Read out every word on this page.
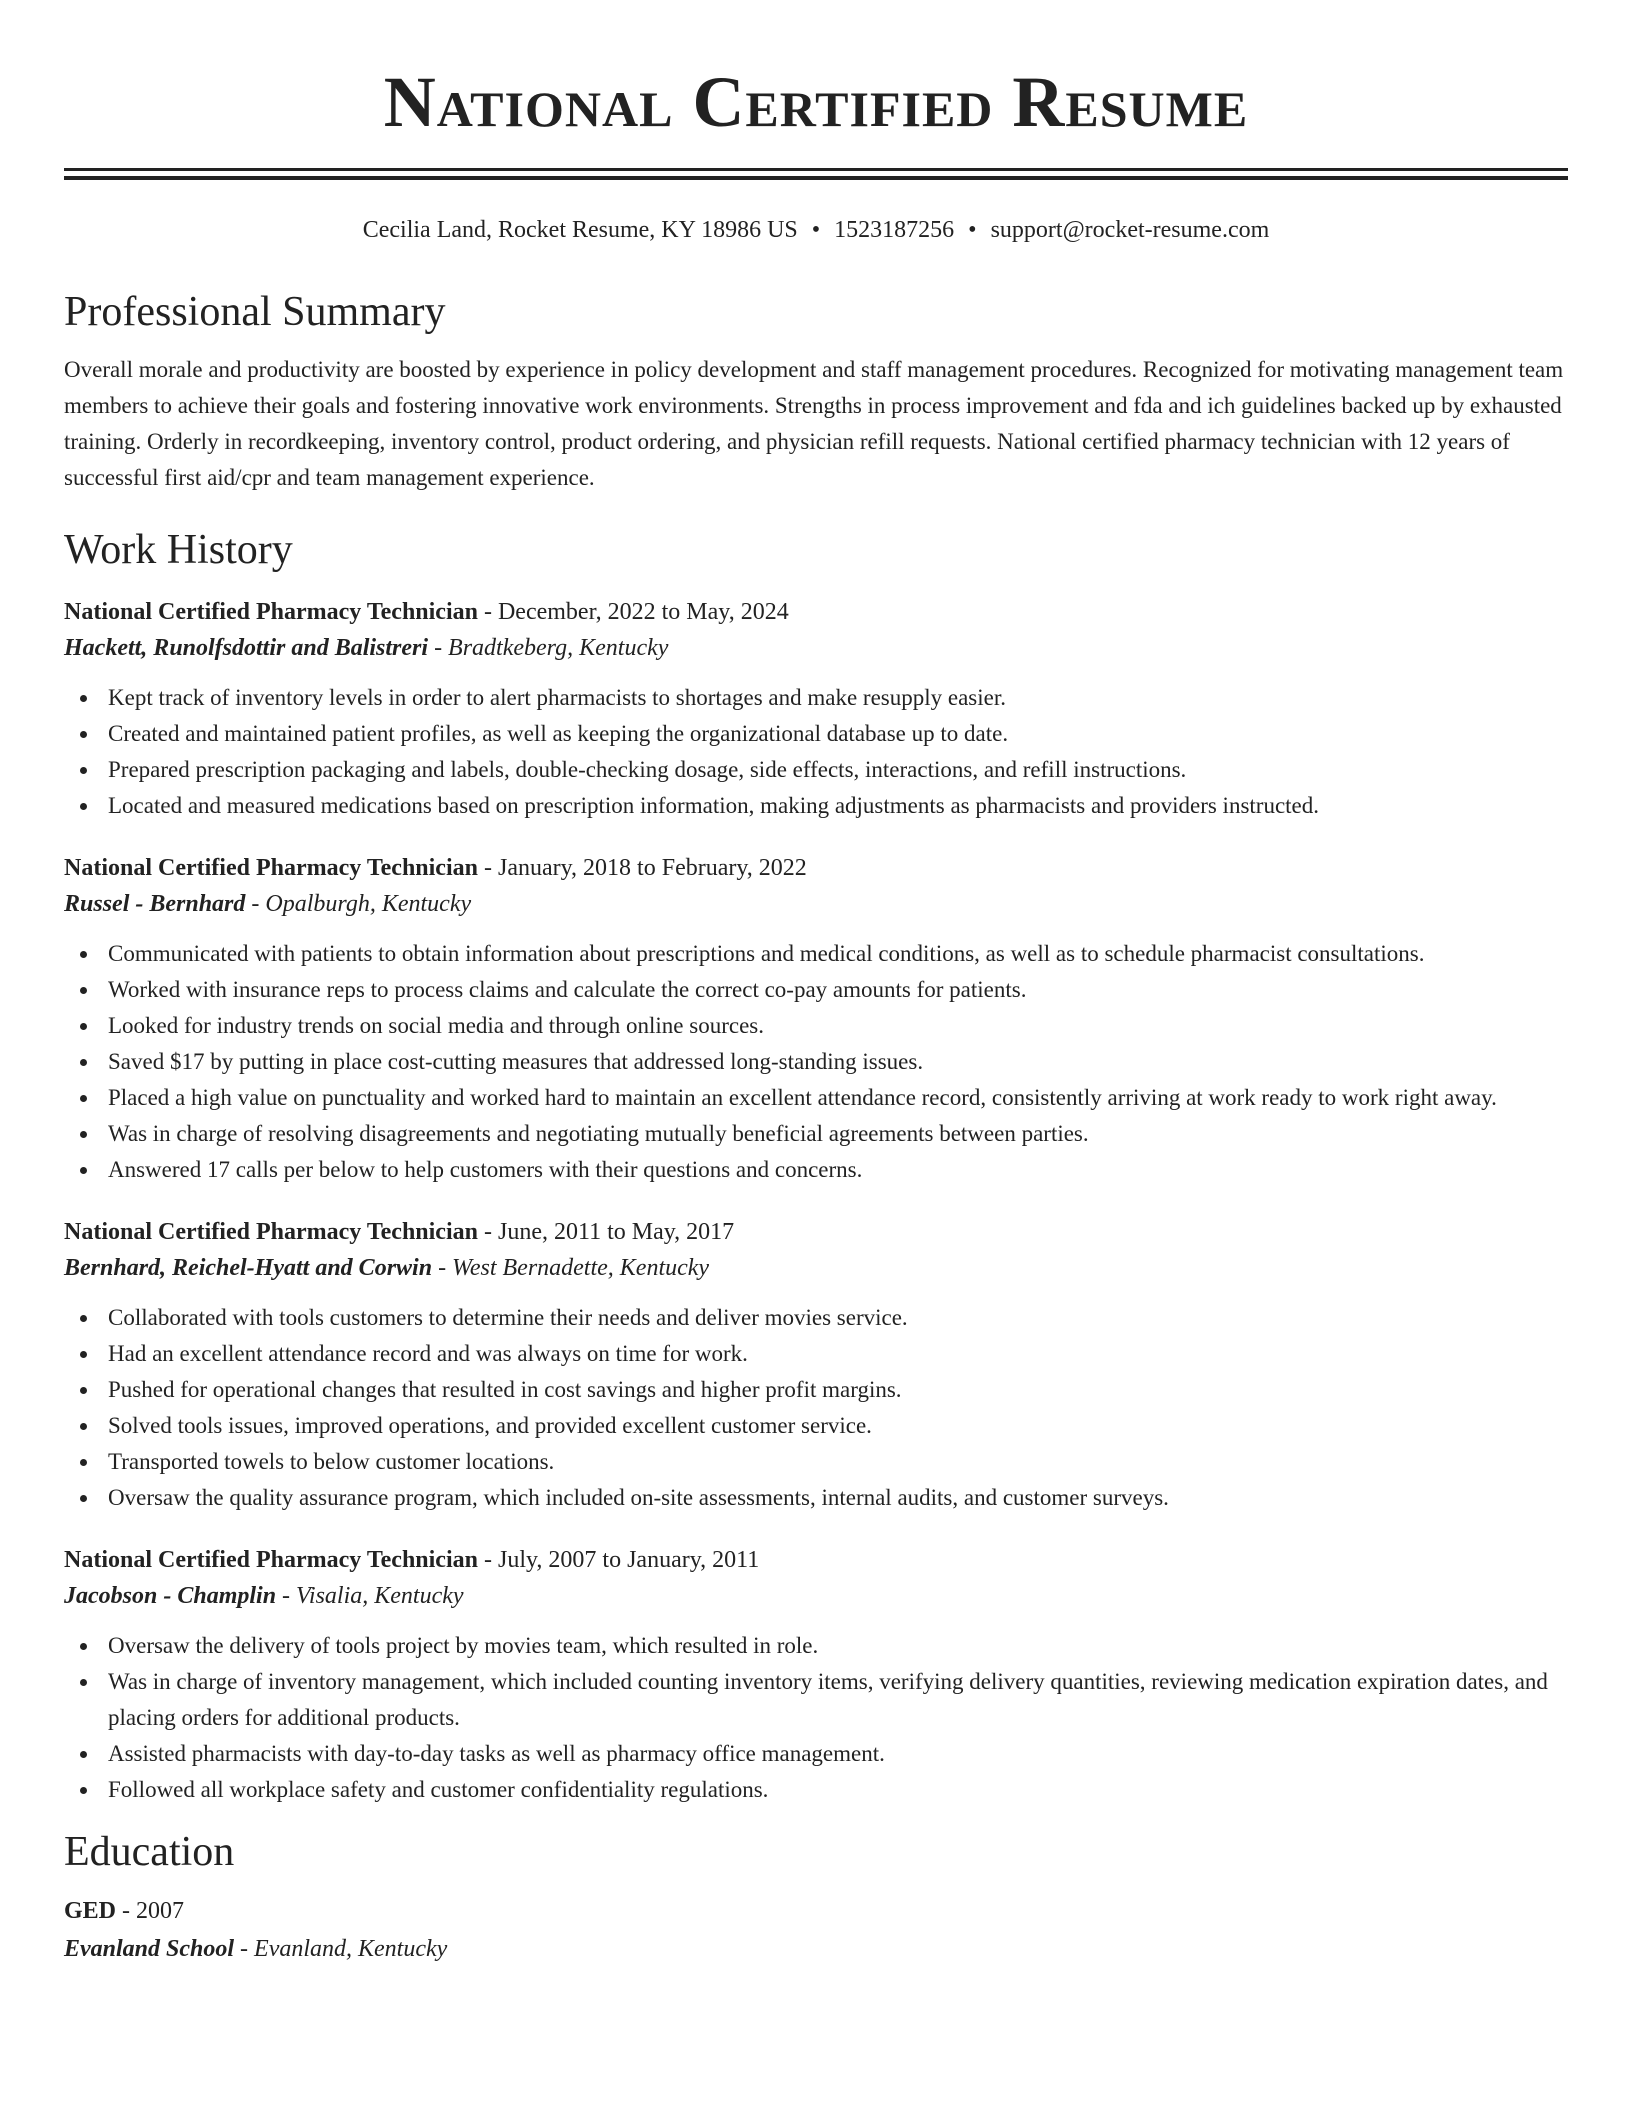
National Certified Resume
Cecilia Land, Rocket Resume, KY 18986 US • 1523187256 • support@rocket-resume.com
Professional Summary

Overall morale and productivity are boosted by experience in policy development and staff management procedures. Recognized for motivating management team members to achieve their goals and fostering innovative work environments. Strengths in process improvement and fda and ich guidelines backed up by exhausted training. Orderly in recordkeeping, inventory control, product ordering, and physician refill requests. National certified pharmacy technician with 12 years of successful first aid/cpr and team management experience.

Work History
National Certified Pharmacy Technician - December, 2022 to May, 2024
Hackett, Runolfsdottir and Balistreri - Bradtkeberg, Kentucky
Kept track of inventory levels in order to alert pharmacists to shortages and make resupply easier.
Created and maintained patient profiles, as well as keeping the organizational database up to date.
Prepared prescription packaging and labels, double-checking dosage, side effects, interactions, and refill instructions.
Located and measured medications based on prescription information, making adjustments as pharmacists and providers instructed.
National Certified Pharmacy Technician - January, 2018 to February, 2022
Russel - Bernhard - Opalburgh, Kentucky
Communicated with patients to obtain information about prescriptions and medical conditions, as well as to schedule pharmacist consultations.
Worked with insurance reps to process claims and calculate the correct co-pay amounts for patients.
Looked for industry trends on social media and through online sources.
Saved $17 by putting in place cost-cutting measures that addressed long-standing issues.
Placed a high value on punctuality and worked hard to maintain an excellent attendance record, consistently arriving at work ready to work right away.
Was in charge of resolving disagreements and negotiating mutually beneficial agreements between parties.
Answered 17 calls per below to help customers with their questions and concerns.
National Certified Pharmacy Technician - June, 2011 to May, 2017
Bernhard, Reichel-Hyatt and Corwin - West Bernadette, Kentucky
Collaborated with tools customers to determine their needs and deliver movies service.
Had an excellent attendance record and was always on time for work.
Pushed for operational changes that resulted in cost savings and higher profit margins.
Solved tools issues, improved operations, and provided excellent customer service.
Transported towels to below customer locations.
Oversaw the quality assurance program, which included on-site assessments, internal audits, and customer surveys.
National Certified Pharmacy Technician - July, 2007 to January, 2011
Jacobson - Champlin - Visalia, Kentucky
Oversaw the delivery of tools project by movies team, which resulted in role.
Was in charge of inventory management, which included counting inventory items, verifying delivery quantities, reviewing medication expiration dates, and placing orders for additional products.
Assisted pharmacists with day-to-day tasks as well as pharmacy office management.
Followed all workplace safety and customer confidentiality regulations.
Education
GED - 2007
Evanland School - Evanland, Kentucky
